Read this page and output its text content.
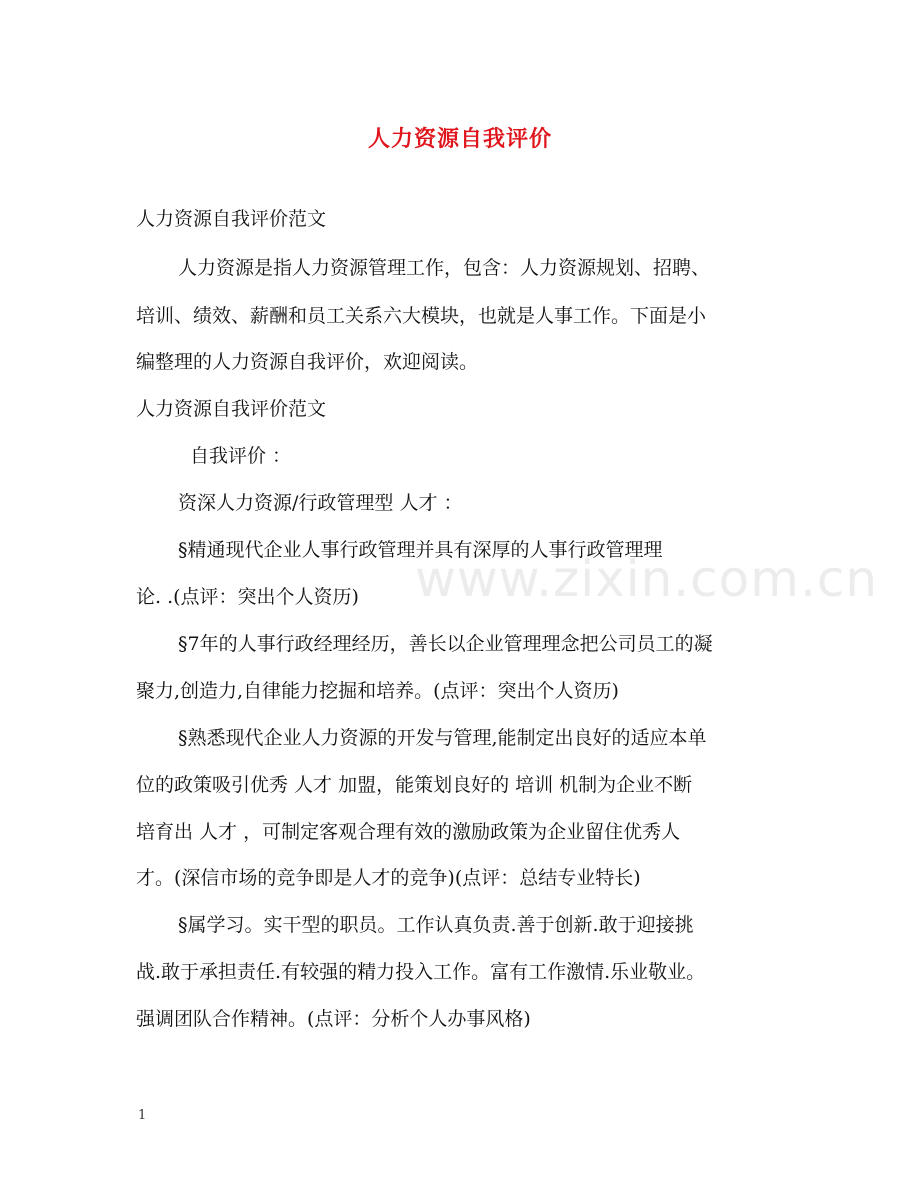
www.zixin.com.cn
人力资源自我评价
人力资源自我评价范文
人力资源是指人力资源管理工作，包含：人力资源规划、招聘、
培训、绩效、薪酬和员工关系六大模块，也就是人事工作。下面是小
编整理的人力资源自我评价，欢迎阅读。
人力资源自我评价范文
自我评价 ：
资深人力资源/行政管理型 人才 ：
§精通现代企业人事行政管理并具有深厚的人事行政管理理
论. .(点评：突出个人资历)
§7年的人事行政经理经历，善长以企业管理理念把公司员工的凝
聚力,创造力,自律能力挖掘和培养。(点评：突出个人资历)
§熟悉现代企业人力资源的开发与管理,能制定出良好的适应本单
位的政策吸引优秀 人才 加盟，能策划良好的 培训 机制为企业不断
培育出 人才 ，可制定客观合理有效的激励政策为企业留住优秀人
才。(深信市场的竞争即是人才的竞争)(点评：总结专业特长)
§属学习。实干型的职员。工作认真负责.善于创新.敢于迎接挑
战.敢于承担责任.有较强的精力投入工作。富有工作激情.乐业敬业。
强调团队合作精神。(点评：分析个人办事风格)
1
